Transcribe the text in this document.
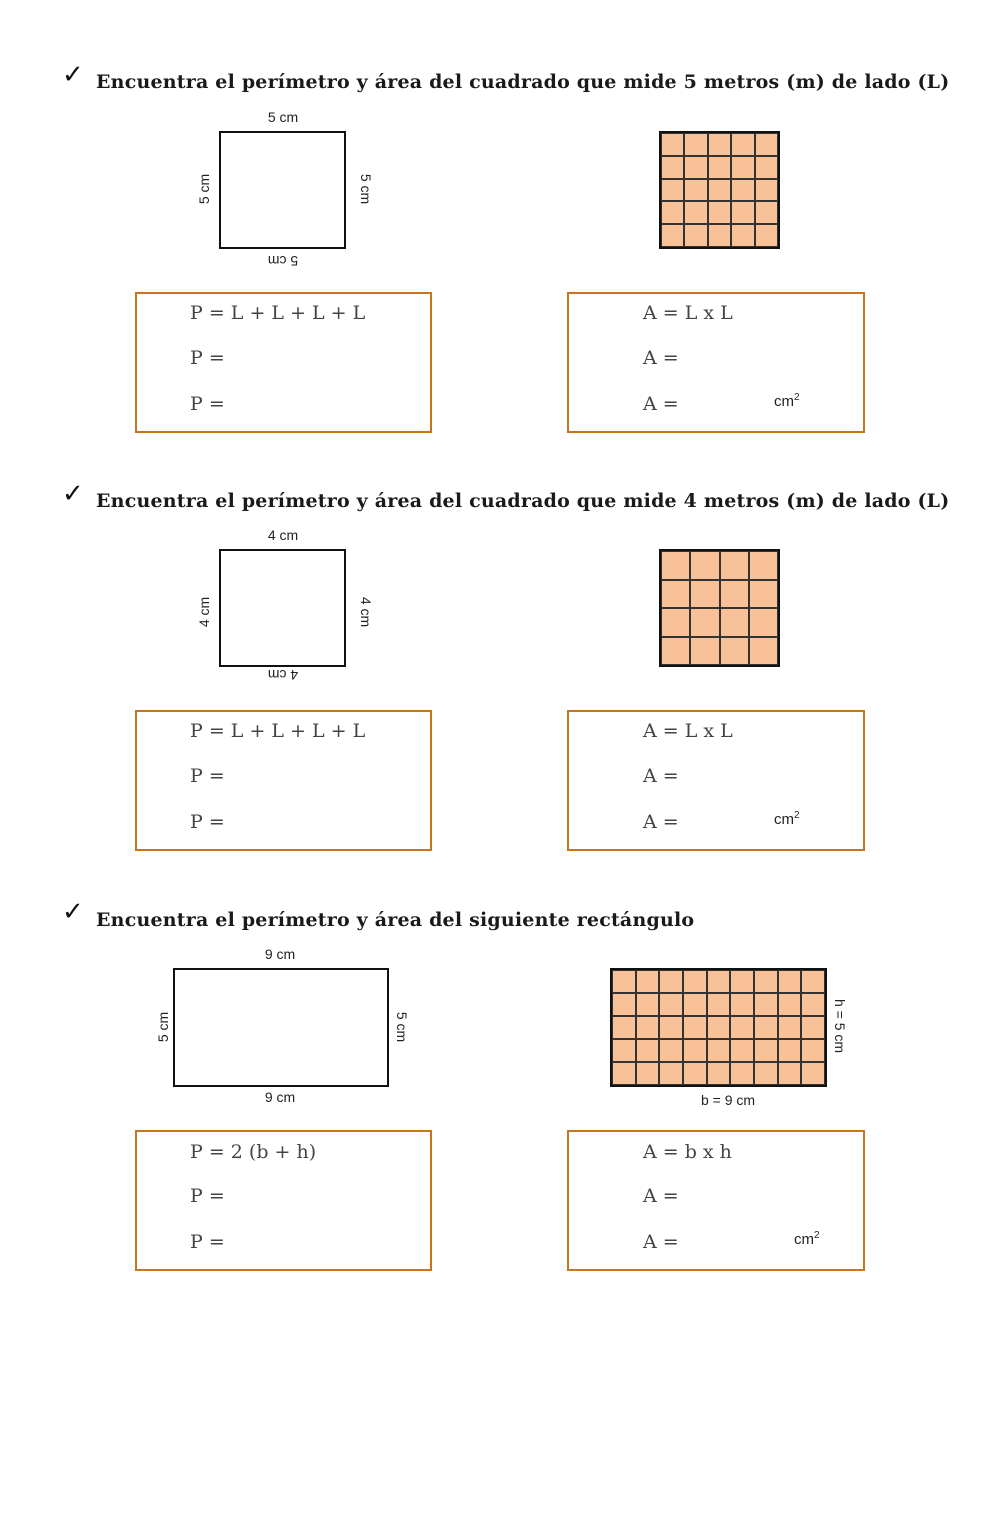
✓ Encuentra el perímetro y área del cuadrado que mide 5 metros (m) de lado (L)
5 cm
5 cm	5 cm
5 cm
P = L + L + L + L
P =
P =
A = L x L
A =
A =	$cm^2$
✓ Encuentra el perímetro y área del cuadrado que mide 4 metros (m) de lado (L)
4 cm
4 cm	4 cm
4 cm
P = L + L + L + L
P =
P =
A = L x L
A =
A =	$cm^2$
✓ Encuentra el perímetro y área del siguiente rectángulo
9 cm
5 cm	5 cm
9 cm
h = 5 cm
b = 9 cm
P = 2 (b + h)
P =
P =
A = b x h
A =
A =	$cm^2$
